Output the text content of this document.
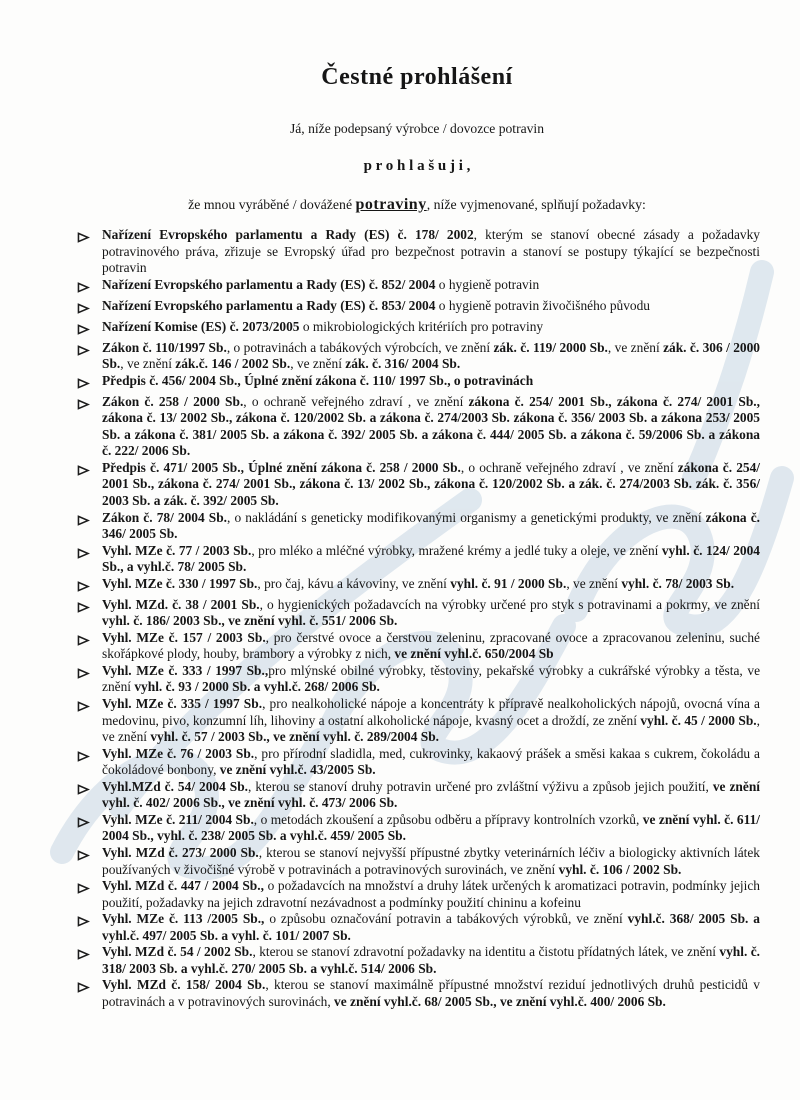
Čestné prohlášení
Já, níže podepsaný výrobce / dovozce potravin
p r o h l a š u j i ,
že mnou vyráběné / dovážené potraviny, níže vyjmenované, splňují požadavky:

Nařízení Evropského parlamentu a Rady (ES) č. 178/ 2002, kterým se stanoví obecné zásady a požadavky potravinového práva, zřizuje se Evropský úřad pro bezpečnost potravin a stanoví se postupy týkající se bezpečnosti potravin

Nařízení Evropského parlamentu a Rady (ES) č. 852/ 2004 o hygieně potravin

Nařízení Evropského parlamentu a Rady (ES) č. 853/ 2004 o hygieně potravin živočišného původu

Nařízení Komise (ES) č. 2073/2005 o mikrobiologických kritériích pro potraviny

Zákon č. 110/1997 Sb., o potravinách a tabákových výrobcích, ve znění zák. č. 119/ 2000 Sb., ve znění zák. č. 306 / 2000 Sb., ve znění zák.č. 146 / 2002 Sb., ve znění zák. č. 316/ 2004 Sb.

Předpis č. 456/ 2004 Sb., Úplné znění zákona č. 110/ 1997 Sb., o potravinách

Zákon č. 258 / 2000 Sb., o ochraně veřejného zdraví , ve znění zákona č. 254/ 2001 Sb., zákona č. 274/ 2001 Sb., zákona č. 13/ 2002 Sb., zákona č. 120/2002 Sb. a zákona č. 274/2003 Sb. zákona č. 356/ 2003 Sb. a zákona 253/ 2005 Sb. a zákona č. 381/ 2005 Sb. a zákona č. 392/ 2005 Sb. a zákona č. 444/ 2005 Sb. a zákona č. 59/2006 Sb. a zákona č. 222/ 2006 Sb.

Předpis č. 471/ 2005 Sb., Úplné znění zákona č. 258 / 2000 Sb., o ochraně veřejného zdraví , ve znění zákona č. 254/ 2001 Sb., zákona č. 274/ 2001 Sb., zákona č. 13/ 2002 Sb., zákona č. 120/2002 Sb. a zák. č. 274/2003 Sb. zák. č. 356/ 2003 Sb. a zák. č. 392/ 2005 Sb.

Zákon č. 78/ 2004 Sb., o nakládání s geneticky modifikovanými organismy a genetickými produkty, ve znění zákona č. 346/ 2005 Sb.

Vyhl. MZe č. 77 / 2003 Sb., pro mléko a mléčné výrobky, mražené krémy a jedlé tuky a oleje, ve znění vyhl. č. 124/ 2004 Sb., a vyhl.č. 78/ 2005 Sb.

Vyhl. MZe č. 330 / 1997 Sb., pro čaj, kávu a kávoviny, ve znění vyhl. č. 91 / 2000 Sb., ve znění vyhl. č. 78/ 2003 Sb.

Vyhl. MZd. č. 38 / 2001 Sb., o hygienických požadavcích na výrobky určené pro styk s potravinami a pokrmy, ve znění vyhl. č. 186/ 2003 Sb., ve znění vyhl. č. 551/ 2006 Sb.

Vyhl. MZe č. 157 / 2003 Sb., pro čerstvé ovoce a čerstvou zeleninu, zpracované ovoce a zpracovanou zeleninu, suché skořápkové plody, houby, brambory a výrobky z nich, ve znění vyhl.č. 650/2004 Sb

Vyhl. MZe č. 333 / 1997 Sb.,pro mlýnské obilné výrobky, těstoviny, pekařské výrobky a cukrářské výrobky a těsta, ve znění vyhl. č. 93 / 2000 Sb. a vyhl.č. 268/ 2006 Sb.

Vyhl. MZe č. 335 / 1997 Sb., pro nealkoholické nápoje a koncentráty k přípravě nealkoholických nápojů, ovocná vína a medovinu, pivo, konzumní líh, lihoviny a ostatní alkoholické nápoje, kvasný ocet a droždí, ze znění vyhl. č. 45 / 2000 Sb., ve znění vyhl. č. 57 / 2003 Sb., ve znění vyhl. č. 289/2004 Sb.

Vyhl. MZe č. 76 / 2003 Sb., pro přírodní sladidla, med, cukrovinky, kakaový prášek a směsi kakaa s cukrem, čokoládu a čokoládové bonbony, ve znění vyhl.č. 43/2005 Sb.

Vyhl.MZd č. 54/ 2004 Sb., kterou se stanoví druhy potravin určené pro zvláštní výživu a způsob jejich použití, ve znění vyhl. č. 402/ 2006 Sb., ve znění vyhl. č. 473/ 2006 Sb.

Vyhl. MZe č. 211/ 2004 Sb., o metodách zkoušení a způsobu odběru a přípravy kontrolních vzorků, ve znění vyhl. č. 611/ 2004 Sb., vyhl. č. 238/ 2005 Sb. a vyhl.č. 459/ 2005 Sb.

Vyhl. MZd č. 273/ 2000 Sb., kterou se stanoví nejvyšší přípustné zbytky veterinárních léčiv a biologicky aktivních látek používaných v živočišné výrobě v potravinách a potravinových surovinách, ve znění vyhl. č. 106 / 2002 Sb.

Vyhl. MZd č. 447 / 2004 Sb., o požadavcích na množství a druhy látek určených k aromatizaci potravin, podmínky jejich použití, požadavky na jejich zdravotní nezávadnost a podmínky použití chininu a kofeinu

Vyhl. MZe č. 113 /2005 Sb., o způsobu označování potravin a tabákových výrobků, ve znění vyhl.č. 368/ 2005 Sb. a vyhl.č. 497/ 2005 Sb. a vyhl. č. 101/ 2007 Sb.

Vyhl. MZd č. 54 / 2002 Sb., kterou se stanoví zdravotní požadavky na identitu a čistotu přídatných látek, ve znění vyhl. č. 318/ 2003 Sb. a vyhl.č. 270/ 2005 Sb. a vyhl.č. 514/ 2006 Sb.

Vyhl. MZd č. 158/ 2004 Sb., kterou se stanoví maximálně přípustné množství reziduí jednotlivých druhů pesticidů v potravinách a v potravinových surovinách, ve znění vyhl.č. 68/ 2005 Sb., ve znění vyhl.č. 400/ 2006 Sb.
